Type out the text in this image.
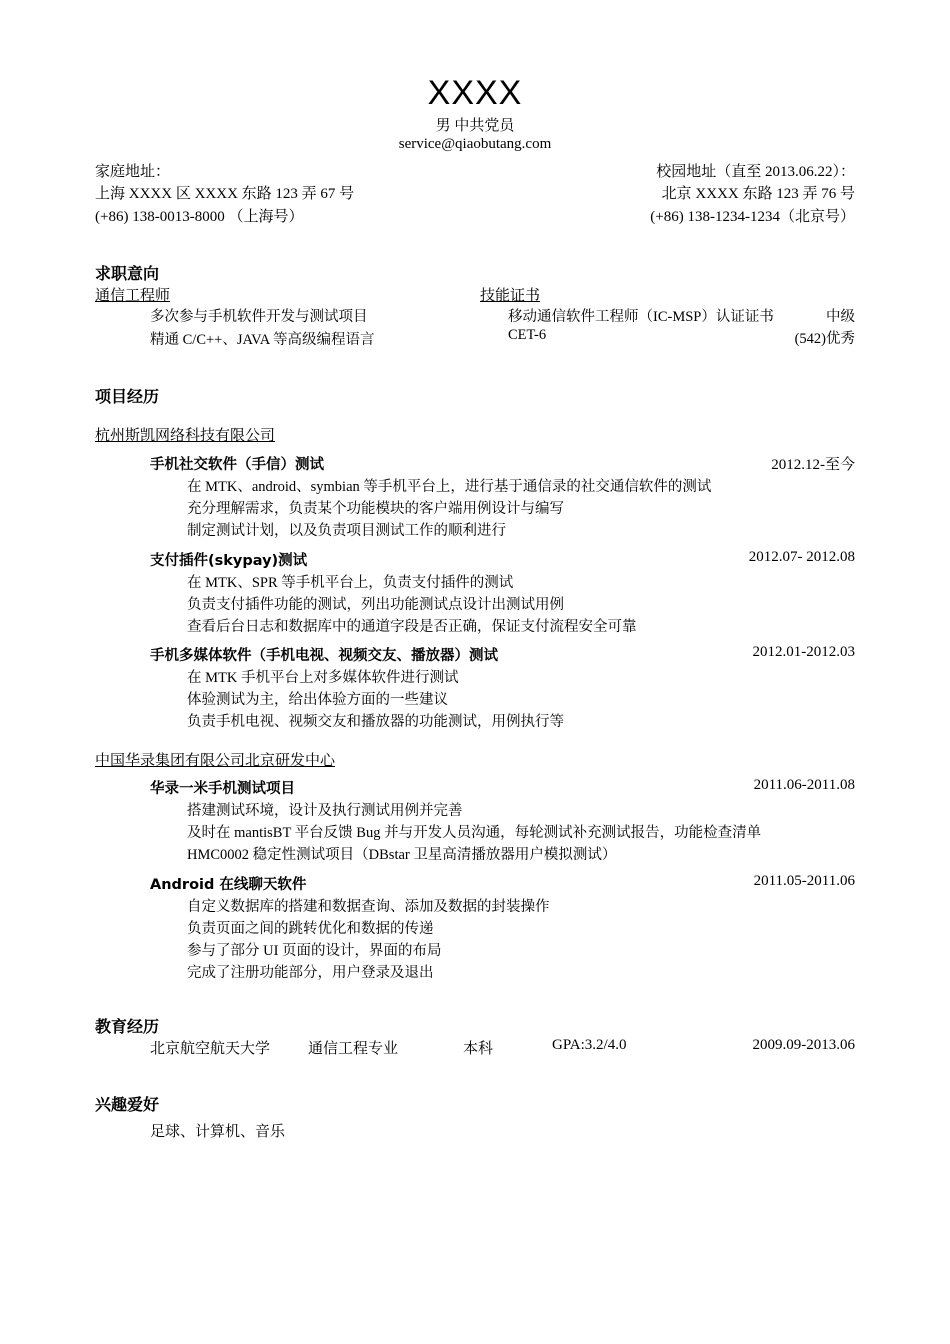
XXXX
男 中共党员
service@qiaobutang.com
家庭地址：
上海 XXXX 区 XXXX 东路 123 弄 67 号
(+86) 138-0013-8000 （上海号）
校园地址（直至 2013.06.22）：
北京 XXXX 东路 123 弄 76 号
(+86) 138-1234-1234（北京号）
求职意向
通信工程师
多次参与手机软件开发与测试项目
精通 C/C++、JAVA 等高级编程语言
技能证书
移动通信软件工程师（IC-MSP）认证证书	中级
CET-6	(542)优秀
项目经历
杭州斯凯网络科技有限公司
手机社交软件（手信）测试	2012.12-至今
在 MTK、android、symbian 等手机平台上，进行基于通信录的社交通信软件的测试
充分理解需求，负责某个功能模块的客户端用例设计与编写
制定测试计划，以及负责项目测试工作的顺利进行
支付插件(skypay)测试	2012.07- 2012.08
在 MTK、SPR 等手机平台上，负责支付插件的测试
负责支付插件功能的测试，列出功能测试点设计出测试用例
查看后台日志和数据库中的通道字段是否正确，保证支付流程安全可靠
手机多媒体软件（手机电视、视频交友、播放器）测试	2012.01-2012.03
在 MTK 手机平台上对多媒体软件进行测试
体验测试为主，给出体验方面的一些建议
负责手机电视、视频交友和播放器的功能测试，用例执行等
中国华录集团有限公司北京研发中心
华录一米手机测试项目	2011.06-2011.08
搭建测试环境，设计及执行测试用例并完善
及时在 mantisBT 平台反馈 Bug 并与开发人员沟通，每轮测试补充测试报告，功能检查清单
HMC0002 稳定性测试项目（DBstar 卫星高清播放器用户模拟测试）
Android 在线聊天软件	2011.05-2011.06
自定义数据库的搭建和数据查询、添加及数据的封装操作
负责页面之间的跳转优化和数据的传递
参与了部分 UI 页面的设计，界面的布局
完成了注册功能部分，用户登录及退出
教育经历
北京航空航天大学	通信工程专业	本科	GPA:3.2/4.0	2009.09-2013.06
兴趣爱好
足球、计算机、音乐
